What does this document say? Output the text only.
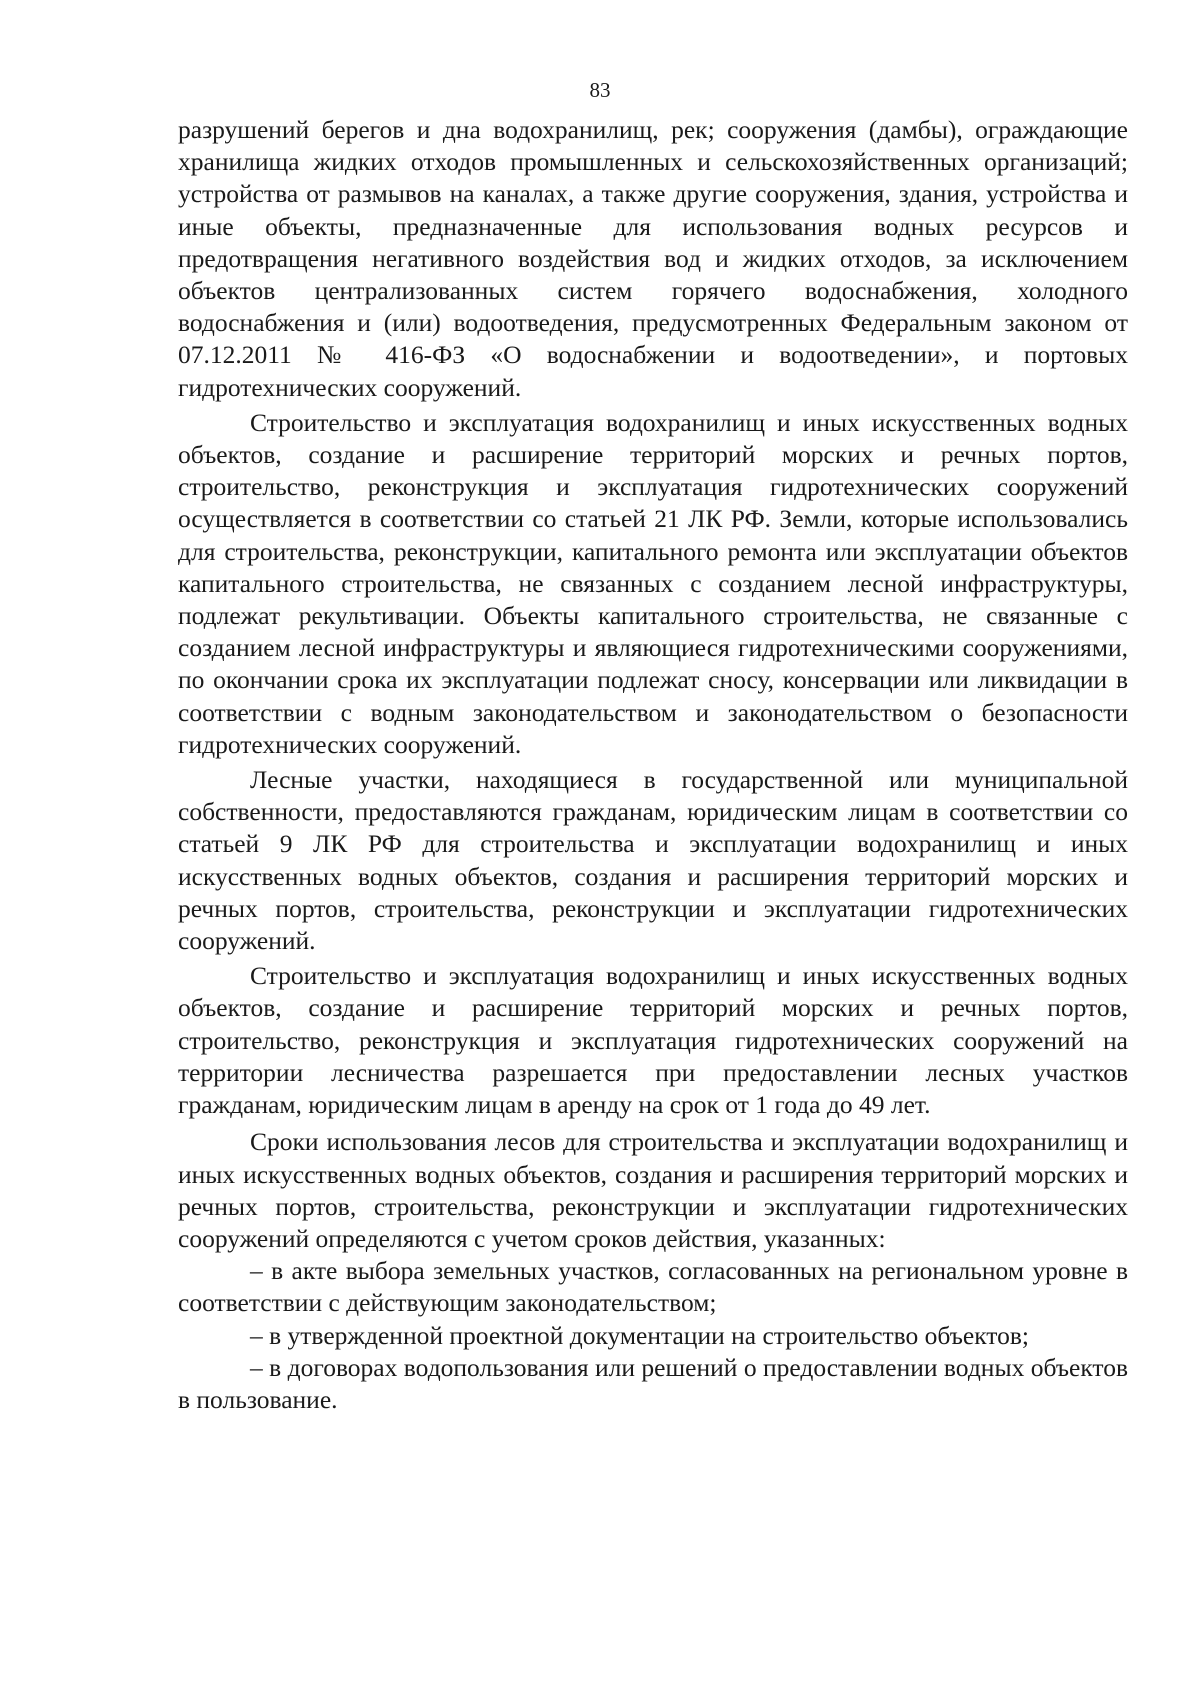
83

разрушений берегов и дна водохранилищ, рек; сооружения (дамбы), ограждающие хранилища жидких отходов промышленных и сельскохозяйственных организаций; устройства от размывов на каналах, а также другие сооружения, здания, устройства и иные объекты, предназначенные для использования водных ресурсов и предотвращения негативного воздействия вод и жидких отходов, за исключением объектов централизованных систем горячего водоснабжения, холодного водоснабжения и (или) водоотведения, предусмотренных Федеральным законом от 07.12.2011 № 416-ФЗ «О водоснабжении и водоотведении», и портовых гидротехнических сооружений.

Строительство и эксплуатация водохранилищ и иных искусственных водных объектов, создание и расширение территорий морских и речных портов, строительство, реконструкция и эксплуатация гидротехнических сооружений осуществляется в соответствии со статьей 21 ЛК РФ. Земли, которые использовались для строительства, реконструкции, капитального ремонта или эксплуатации объектов капитального строительства, не связанных с созданием лесной инфраструктуры, подлежат рекультивации. Объекты капитального строительства, не связанные с созданием лесной инфраструктуры и являющиеся гидротехническими сооружениями, по окончании срока их эксплуатации подлежат сносу, консервации или ликвидации в соответствии с водным законодательством и законодательством о безопасности гидротехнических сооружений.

Лесные участки, находящиеся в государственной или муниципальной собственности, предоставляются гражданам, юридическим лицам в соответствии со статьей 9 ЛК РФ для строительства и эксплуатации водохранилищ и иных искусственных водных объектов, создания и расширения территорий морских и речных портов, строительства, реконструкции и эксплуатации гидротехнических сооружений.

Строительство и эксплуатация водохранилищ и иных искусственных водных объектов, создание и расширение территорий морских и речных портов, строительство, реконструкция и эксплуатация гидротехнических сооружений на территории лесничества разрешается при предоставлении лесных участков гражданам, юридическим лицам в аренду на срок от 1 года до 49 лет.

Сроки использования лесов для строительства и эксплуатации водохранилищ и иных искусственных водных объектов, создания и расширения территорий морских и речных портов, строительства, реконструкции и эксплуатации гидротехнических сооружений определяются с учетом сроков действия, указанных:

– в акте выбора земельных участков, согласованных на региональном уровне в соответствии с действующим законодательством;

– в утвержденной проектной документации на строительство объектов;

– в договорах водопользования или решений о предоставлении водных объектов в пользование.
